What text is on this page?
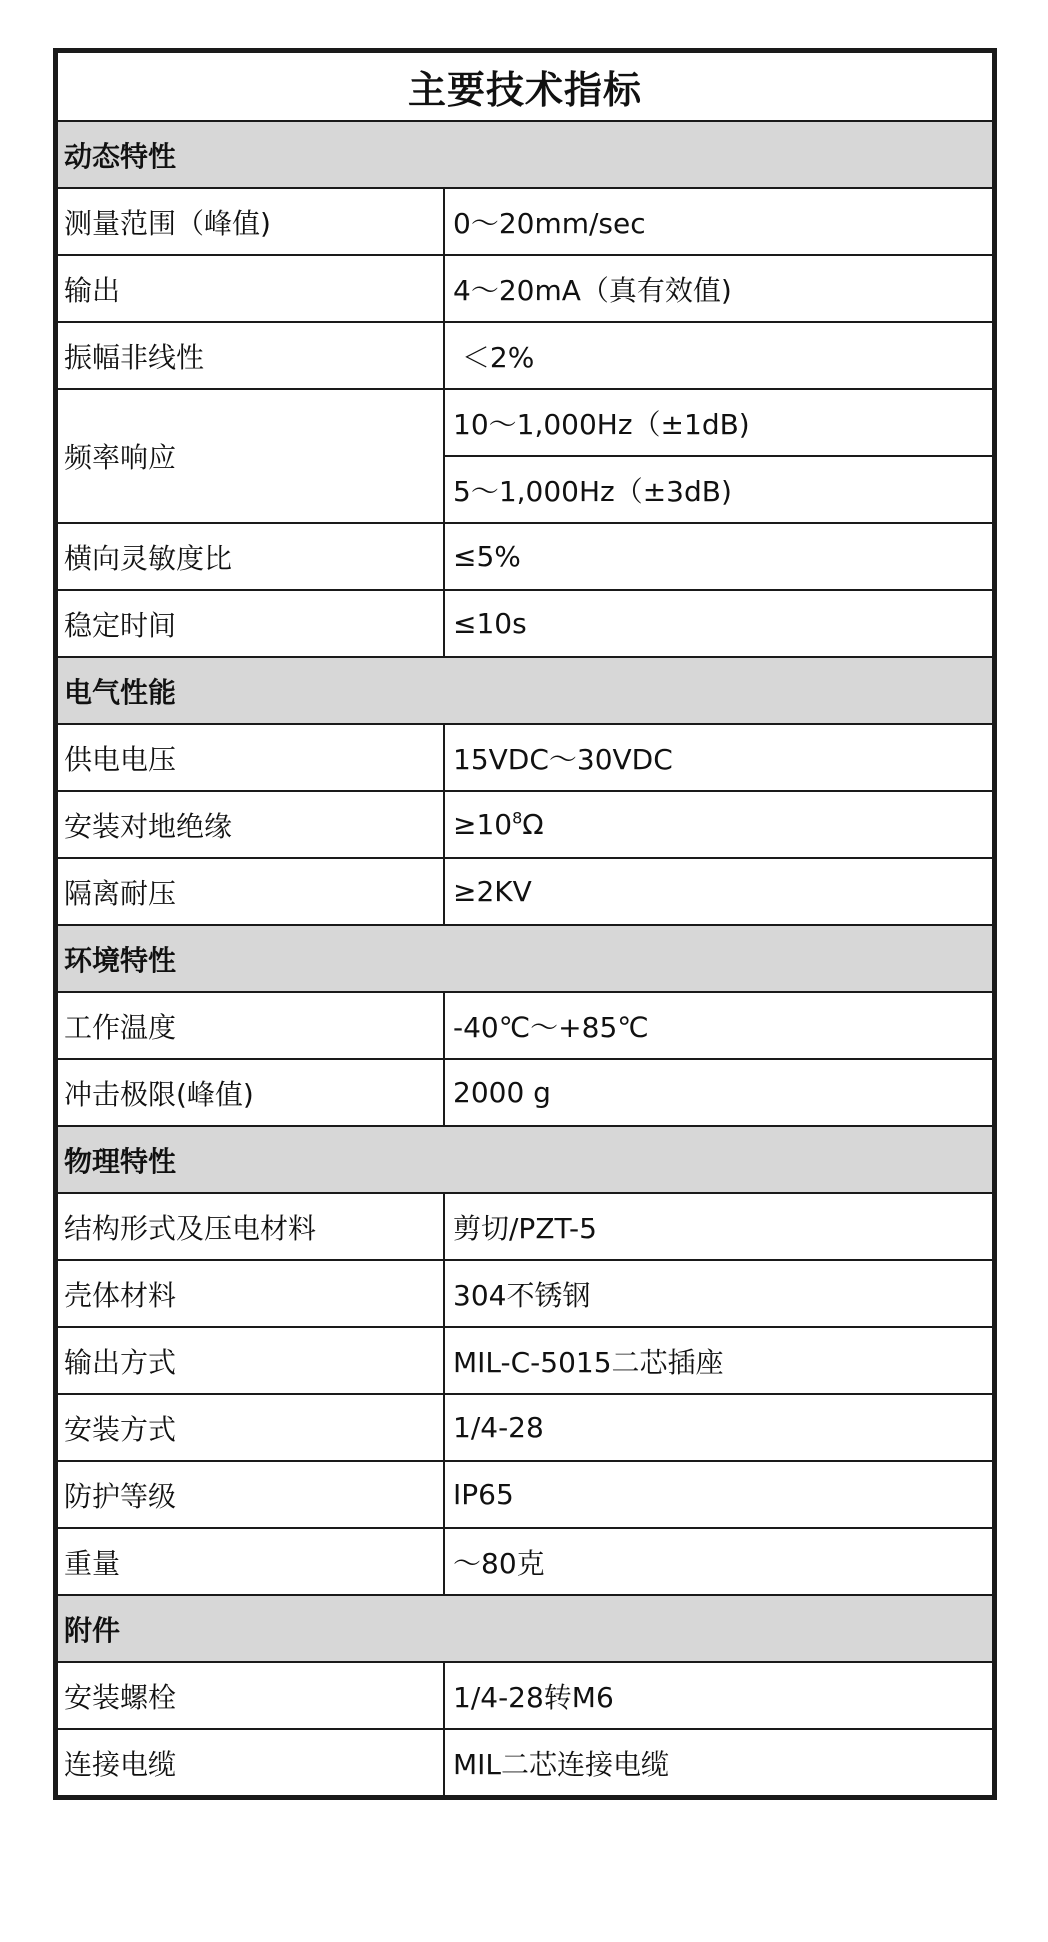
主要技术指标	
动态特性	
测量范围（峰值)	0～20mm/sec
输出	4～20mA（真有效值)
振幅非线性	＜2%
频率响应	10～1,000Hz（±1dB)
	5～1,000Hz（±3dB)
横向灵敏度比	≤5%
稳定时间	≤10s
电气性能	
供电电压	15VDC～30VDC
安装对地绝缘	$\ge 10^8\Omega$
隔离耐压	≥2KV
环境特性	
工作温度	-40℃～+85℃
冲击极限(峰值)	2000 g
物理特性	
结构形式及压电材料	剪切/PZT-5
壳体材料	304不锈钢
输出方式	MIL-C-5015二芯插座
安装方式	1/4-28
防护等级	IP65
重量	～80克
附件	
安装螺栓	1/4-28转M6
连接电缆	MIL二芯连接电缆
